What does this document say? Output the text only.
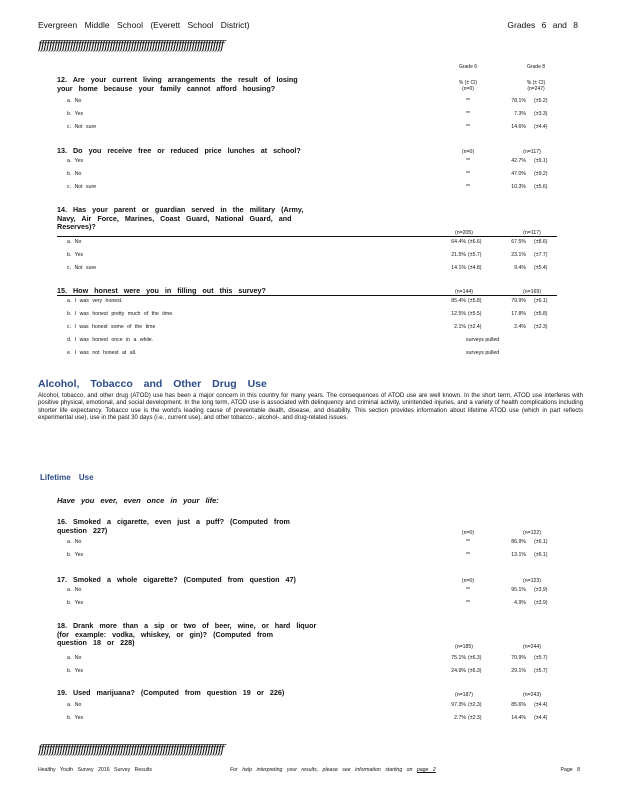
Evergreen Middle School (Everett School District)	Grades 6 and 8
ffffffffffffffffffffffffffffffffffffffffffffffffffffffffffffffffffffff
Grade 6	Grade 8
% (± CI)	% (± CI)
(n=0)	(n=247)
12. Are your current living arrangements the result of losing
your home because your family cannot afford housing?
a. No	**	78.1% (±5.2)
b. Yes	**	7.3% (±3.3)
c. Not sure	**	14.6% (±4.4)
13. Do you receive free or reduced price lunches at school?	(n=0)	(n=117)
a. Yes	**	42.7% (±9.1)
b. No	**	47.0% (±9.2)
c. Not sure	**	10.3% (±5.6)
14. Has your parent or guardian served in the military (Army,
Navy, Air Force, Marines, Coast Guard, National Guard, and
Reserves)?
(n=205)	(n=117)
a. No	64.4% (±6.6)	67.5% (±8.6)
b. Yes	21.5% (±5.7)	23.1% (±7.7)
c. Not sure	14.1% (±4.8)	9.4% (±5.4)
15. How honest were you in filling out this survey?	(n=144)	(n=169)
a. I was very honest.	85.4% (±5.8)	79.9% (±6.1)
b. I was honest pretty much of the time.	12.5% (±5.5)	17.8% (±5.8)
c. I was honest some of the time	2.1% (±2.4)	2.4% (±2.3)
d. I was honest once in a while.	surveys pulled
e. I was not honest at all.	surveys pulled
Alcohol, Tobacco and Other Drug Use
Alcohol, tobacco, and other drug (ATOD) use has been a major concern in this country for many years. The consequences of ATOD use are well known. In the short term, ATOD use interferes with positive physical, emotional, and social development. In the long term, ATOD use is associated with delinquency and criminal activity, unintended injuries, and a variety of health complications including shorter life expectancy. Tobacco use is the world's leading cause of preventable death, disease, and disability. This section provides information about lifetime ATOD use (which in part reflects experimental use), use in the past 30 days (i.e., current use), and other tobacco-, alcohol-, and drug-related issues.
Lifetime Use
Have you ever, even once in your life:
16. Smoked a cigarette, even just a puff? (Computed from
question 227)	(n=0)	(n=122)
a. No	**	86.9% (±6.1)
b. Yes	**	13.1% (±6.1)
17. Smoked a whole cigarette? (Computed from question 47)	(n=0)	(n=123)
a. No	**	95.1% (±3.9)
b. Yes	**	4.9% (±3.9)
18. Drank more than a sip or two of beer, wine, or hard liquor
(for example: vodka, whiskey, or gin)? (Computed from
question 18 or 228)	(n=185)	(n=244)
a. No	75.1% (±6.3)	70.9% (±5.7)
b. Yes	24.9% (±6.3)	29.1% (±5.7)
19. Used marijuana? (Computed from question 19 or 226)	(n=187)	(n=243)
a. No	97.3% (±2.3)	85.6% (±4.4)
b. Yes	2.7% (±2.3)	14.4% (±4.4)
ffffffffffffffffffffffffffffffffffffffffffffffffffffffffffffffffffffff
Healthy Youth Survey 2016 Survey Results	For help interpreting your results, please see information starting on page 2	Page 8
